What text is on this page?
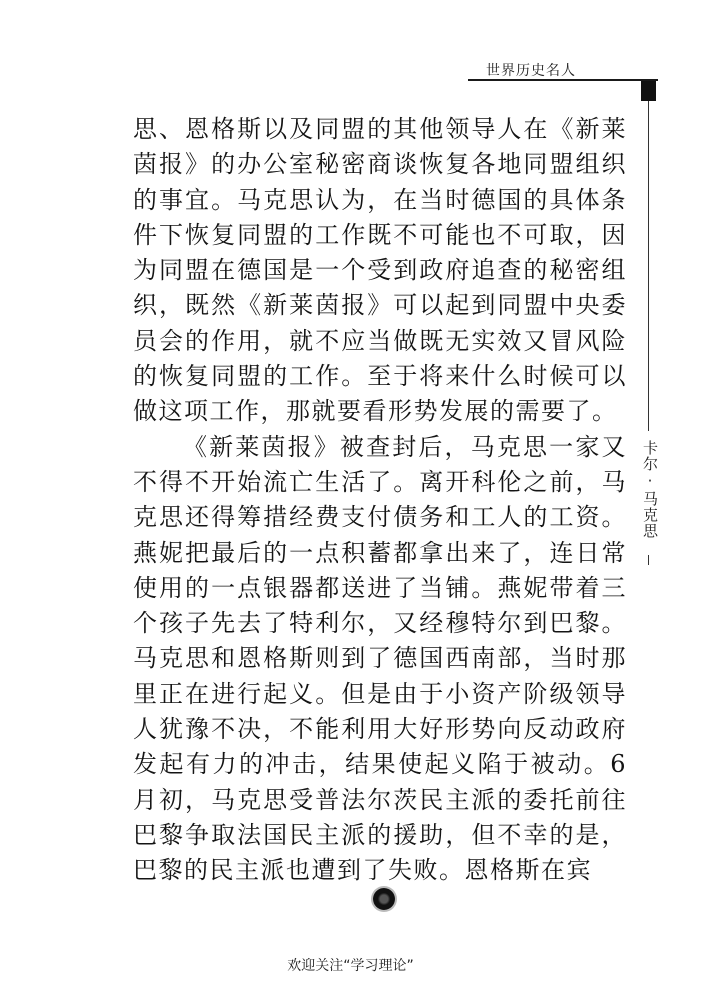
世界历史名人
卡尔·马克思

思、恩格斯以及同盟的其他领导人在《新莱茵报》的办公室秘密商谈恢复各地同盟组织的事宜。马克思认为，在当时德国的具体条件下恢复同盟的工作既不可能也不可取，因为同盟在德国是一个受到政府追查的秘密组织，既然《新莱茵报》可以起到同盟中央委员会的作用，就不应当做既无实效又冒风险的恢复同盟的工作。至于将来什么时候可以做这项工作，那就要看形势发展的需要了。

《新莱茵报》被查封后，马克思一家又不得不开始流亡生活了。离开科伦之前，马克思还得筹措经费支付债务和工人的工资。燕妮把最后的一点积蓄都拿出来了，连日常使用的一点银器都送进了当铺。燕妮带着三个孩子先去了特利尔，又经穆特尔到巴黎。马克思和恩格斯则到了德国西南部，当时那里正在进行起义。但是由于小资产阶级领导人犹豫不决，不能利用大好形势向反动政府发起有力的冲击，结果使起义陷于被动。6月初，马克思受普法尔茨民主派的委托前往巴黎争取法国民主派的援助，但不幸的是，巴黎的民主派也遭到了失败。恩格斯在宾

欢迎关注“学习理论”
